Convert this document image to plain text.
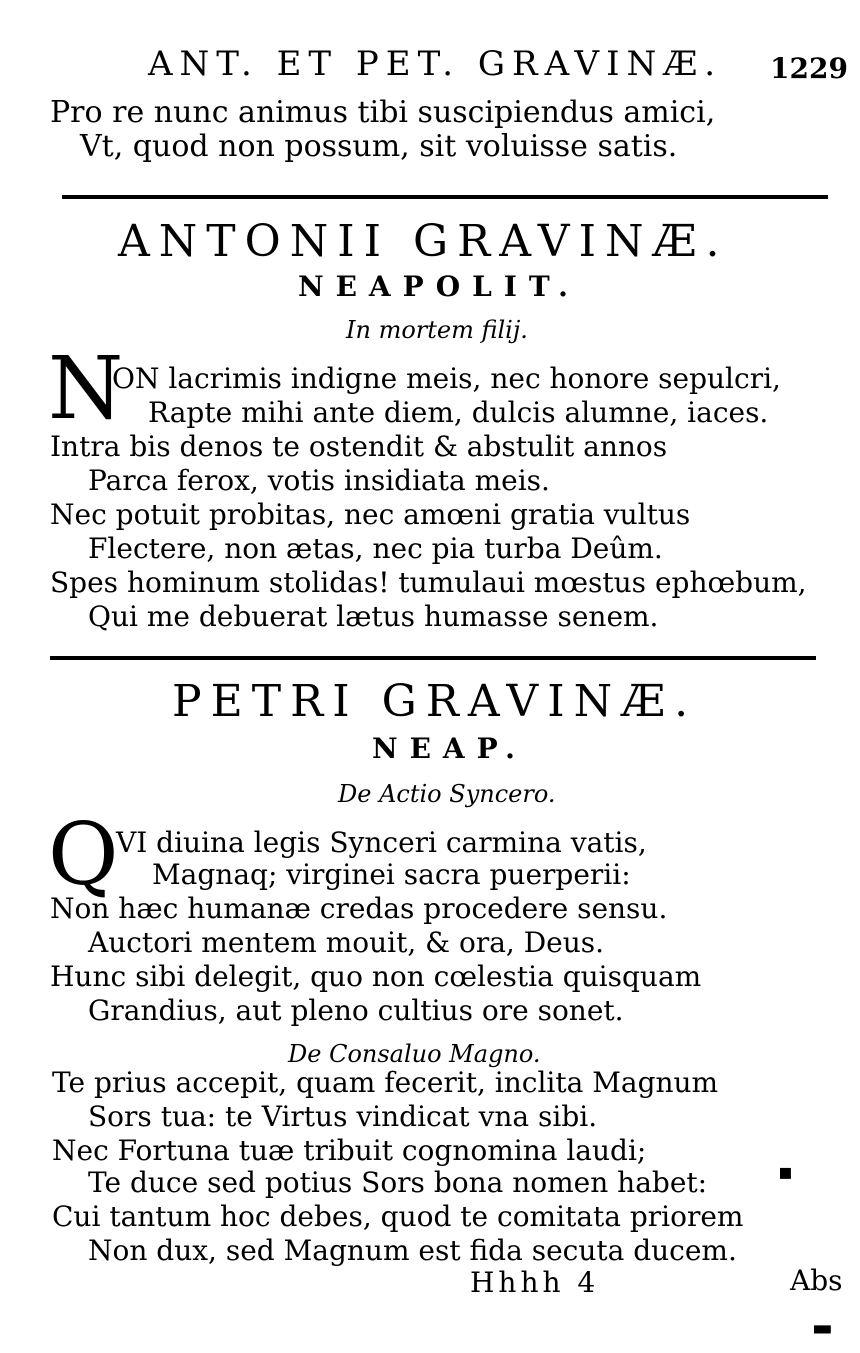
ANT. ET PET. GRAVINÆ. 1229
Pro re nunc animus tibi suscipiendus amici,
Vt, quod non possum, sit voluisse satis.
ANTONII GRAVINÆ.
NEAPOLIT.
In mortem filij.
N
ON lacrimis indigne meis, nec honore sepulcri,
Rapte mihi ante diem, dulcis alumne, iaces.
Intra bis denos te ostendit & abstulit annos
Parca ferox, votis insidiata meis.
Nec potuit probitas, nec amœni gratia vultus
Flectere, non ætas, nec pia turba Deûm.
Spes hominum stolidas! tumulaui mœstus ephœbum,
Qui me debuerat lætus humasse senem.
PETRI GRAVINÆ.
NEAP.
De Actio Syncero.
Q
VI diuina legis Synceri carmina vatis,
Magnaq; virginei sacra puerperii:
Non hæc humanæ credas procedere sensu.
Auctori mentem mouit, & ora, Deus.
Hunc sibi delegit, quo non cœlestia quisquam
Grandius, aut pleno cultius ore sonet.
De Consaluo Magno.
Te prius accepit, quam fecerit, inclita Magnum
Sors tua: te Virtus vindicat vna sibi.
Nec Fortuna tuæ tribuit cognomina laudi;
Te duce sed potius Sors bona nomen habet:
Cui tantum hoc debes, quod te comitata priorem
Non dux, sed Magnum est fida secuta ducem.
Hhhh 4	Abs
▪
▬
